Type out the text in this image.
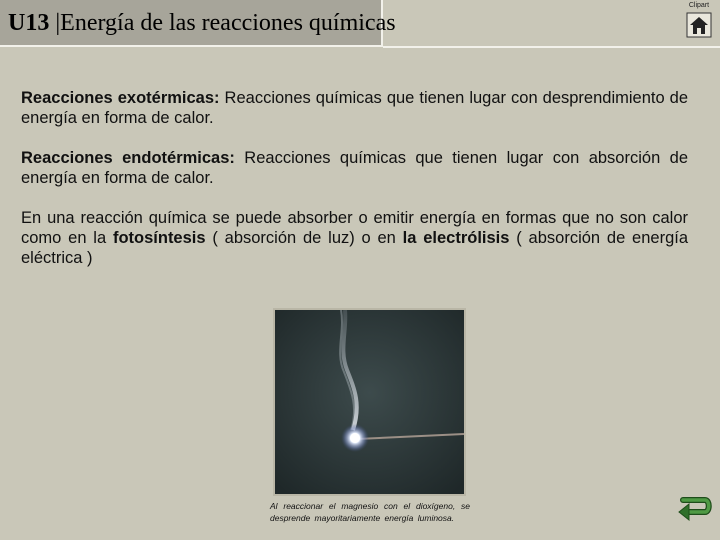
U13 |Energía de las reacciones químicas
Clipart

Reacciones exotérmicas: Reacciones químicas que tienen lugar con desprendimiento de energía en forma de calor.

Reacciones endotérmicas: Reacciones químicas que tienen lugar con absorción de energía en forma de calor.

En una reacción química se puede absorber o emitir energía en formas que no son calor como en la fotosíntesis ( absorción de luz) o en la electrólisis ( absorción de energía eléctrica )

Al reaccionar el magnesio con el dioxígeno, se desprende mayoritariamente energía luminosa.
